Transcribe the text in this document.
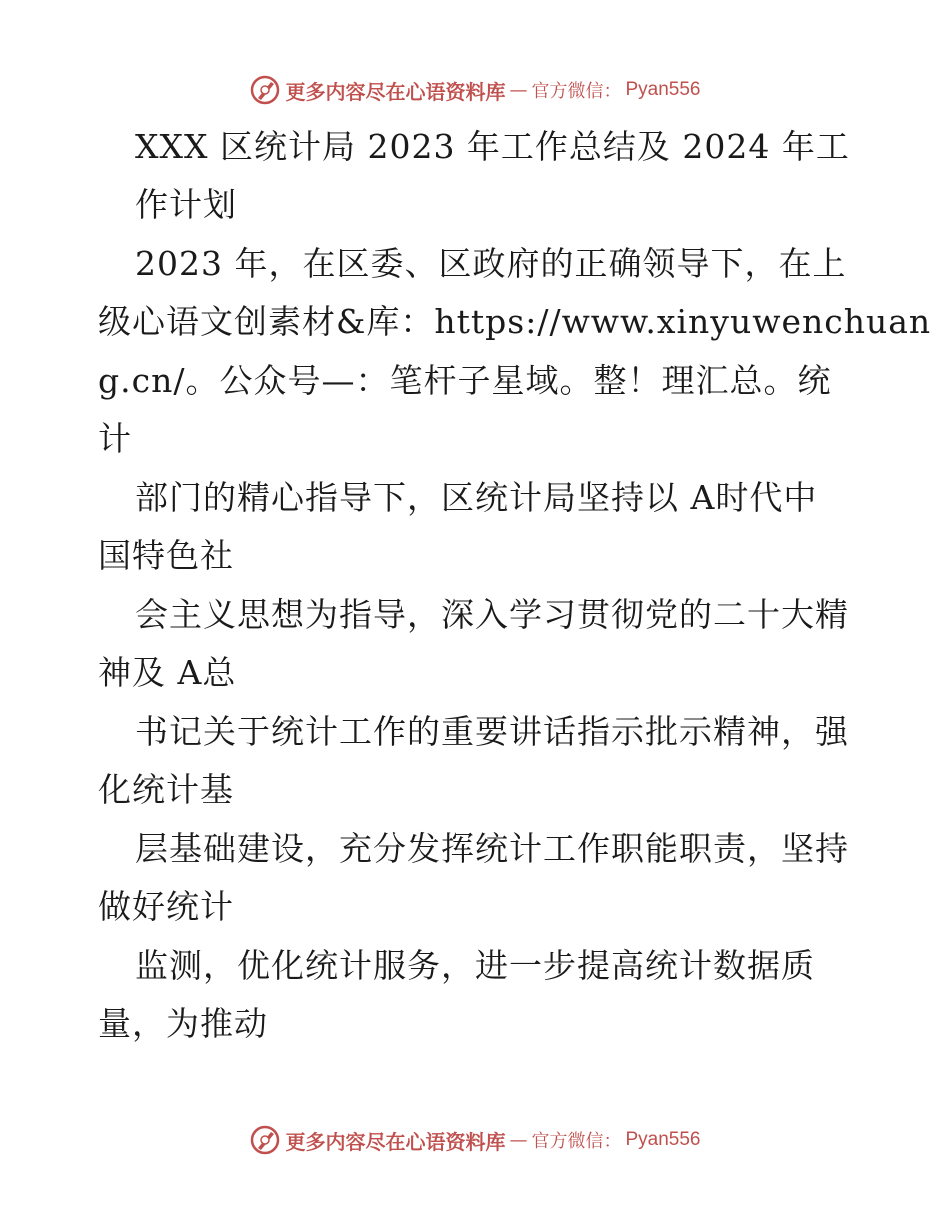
更多内容尽在心语资料库 — 官方微信： Pyan556
XXX 区统计局 2023 年工作总结及 2024 年工
作计划
2023 年，在区委、区政府的正确领导下，在上
级心语文创素材&库：https://www.xinyuwenchuan
g.cn/。公众号—：笔杆子星域。整！理汇总。统
计
部门的精心指导下，区统计局坚持以 A时代中
国特色社
会主义思想为指导，深入学习贯彻党的二十大精
神及 A总
书记关于统计工作的重要讲话指示批示精神，强
化统计基
层基础建设，充分发挥统计工作职能职责，坚持
做好统计
监测，优化统计服务，进一步提高统计数据质
量，为推动
更多内容尽在心语资料库 — 官方微信： Pyan556
